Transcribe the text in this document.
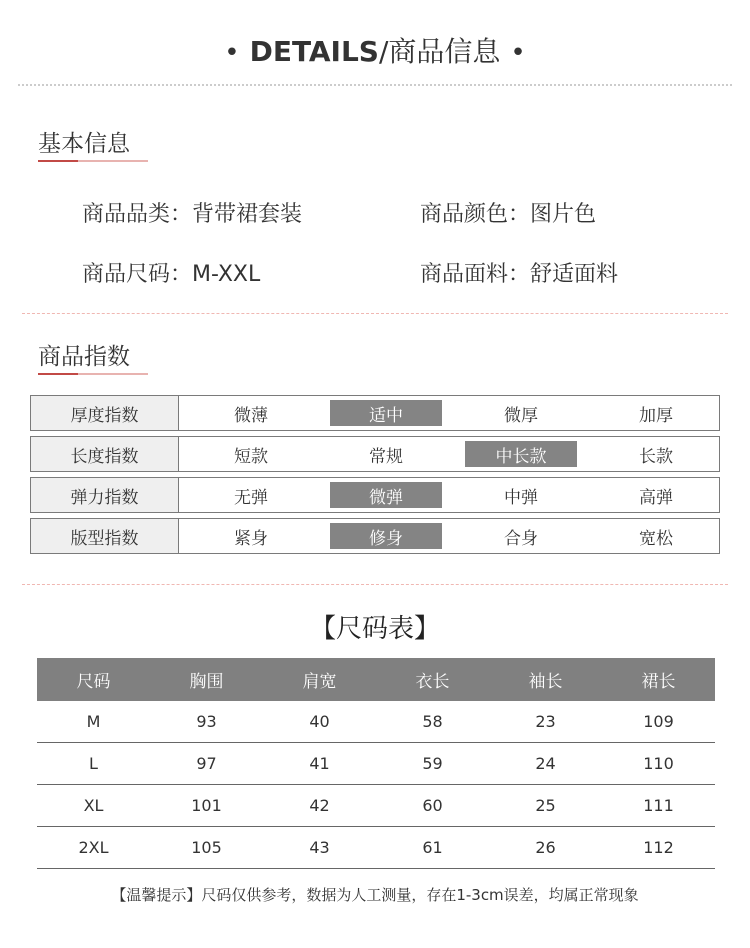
• DETAILS/商品信息 •
基本信息
商品品类：背带裙套装	商品颜色：图片色
商品尺码：M-XXL	商品面料：舒适面料
商品指数
厚度指数	微薄	适中	微厚	加厚
长度指数	短款	常规	中长款	长款
弹力指数	无弹	微弹	中弹	高弹
版型指数	紧身	修身	合身	宽松
【尺码表】
尺码	胸围	肩宽	衣长	袖长	裙长
M	93	40	58	23	109
L	97	41	59	24	110
XL	101	42	60	25	111
2XL	105	43	61	26	112
【温馨提示】尺码仅供参考，数据为人工测量，存在1-3cm误差，均属正常现象
